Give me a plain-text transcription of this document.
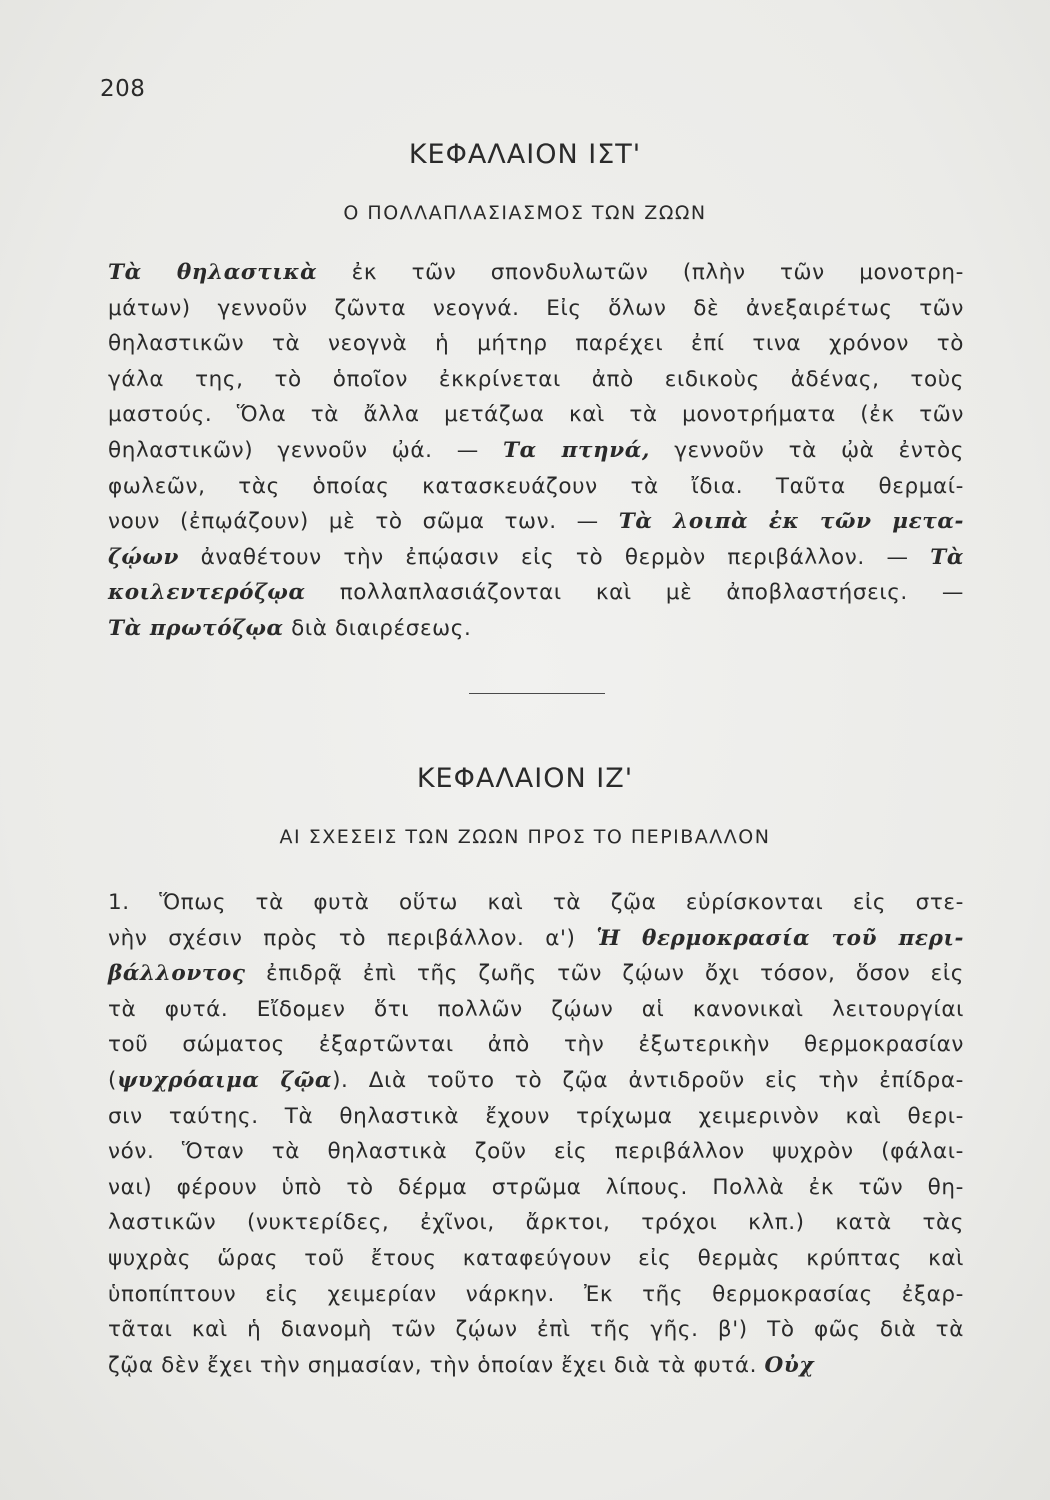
208
ΚΕΦΑΛΑΙΟΝ ΙΣΤ'
Ο ΠΟΛΛΑΠΛΑΣΙΑΣΜΟΣ ΤΩΝ ΖΩΩΝ
Τὰ θηλαστικὰ ἐκ τῶν σπονδυλωτῶν (πλὴν τῶν μονοτρη-
μάτων) γεννοῦν ζῶντα νεογνά. Εἰς ὅλων δὲ ἀνεξαιρέτως τῶν
θηλαστικῶν τὰ νεογνὰ ἡ μήτηρ παρέχει ἐπί τινα χρόνον τὸ
γάλα της, τὸ ὁποῖον ἐκκρίνεται ἀπὸ ειδικοὺς ἀδένας, τοὺς
μαστούς. Ὅλα τὰ ἄλλα μετάζωα καὶ τὰ μονοτρήματα (ἐκ τῶν
θηλαστικῶν) γεννοῦν ᾠά. — Τα πτηνά, γεννοῦν τὰ ᾠὰ ἐντὸς
φωλεῶν, τὰς ὁποίας κατασκευάζουν τὰ ἴδια. Ταῦτα θερμαί-
νουν (ἐπῳάζουν) μὲ τὸ σῶμα των. — Τὰ λοιπὰ ἐκ τῶν μετα-
ζῴων ἀναθέτουν τὴν ἐπῴασιν εἰς τὸ θερμὸν περιβάλλον. — Τὰ
κοιλεντερόζῳα πολλαπλασιάζονται καὶ μὲ ἀποβλαστήσεις. —
Τὰ πρωτόζῳα διὰ διαιρέσεως.
ΚΕΦΑΛΑΙΟΝ ΙΖ'
ΑΙ ΣΧΕΣΕΙΣ ΤΩΝ ΖΩΩΝ ΠΡΟΣ ΤΟ ΠΕΡΙΒΑΛΛΟΝ
1. Ὅπως τὰ φυτὰ οὕτω καὶ τὰ ζῷα εὑρίσκονται εἰς στε-
νὴν σχέσιν πρὸς τὸ περιβάλλον. α') Ἡ θερμοκρασία τοῦ περι-
βάλλοντος ἐπιδρᾷ ἐπὶ τῆς ζωῆς τῶν ζῴων ὄχι τόσον, ὅσον εἰς
τὰ φυτά. Εἴδομεν ὅτι πολλῶν ζῴων αἱ κανονικαὶ λειτουργίαι
τοῦ σώματος ἐξαρτῶνται ἀπὸ τὴν ἐξωτερικὴν θερμοκρασίαν
(ψυχρόαιμα ζῷα). Διὰ τοῦτο τὸ ζῷα ἀντιδροῦν εἰς τὴν ἐπίδρα-
σιν ταύτης. Τὰ θηλαστικὰ ἔχουν τρίχωμα χειμερινὸν καὶ θερι-
νόν. Ὅταν τὰ θηλαστικὰ ζοῦν εἰς περιβάλλον ψυχρὸν (φάλαι-
ναι) φέρουν ὑπὸ τὸ δέρμα στρῶμα λίπους. Πολλὰ ἐκ τῶν θη-
λαστικῶν (νυκτερίδες, ἐχῖνοι, ἄρκτοι, τρόχοι κλπ.) κατὰ τὰς
ψυχρὰς ὥρας τοῦ ἔτους καταφεύγουν εἰς θερμὰς κρύπτας καὶ
ὑποπίπτουν εἰς χειμερίαν νάρκην. Ἐκ τῆς θερμοκρασίας ἐξαρ-
τᾶται καὶ ἡ διανομὴ τῶν ζῴων ἐπὶ τῆς γῆς. β') Τὸ φῶς διὰ τὰ
ζῷα δὲν ἔχει τὴν σημασίαν, τὴν ὁποίαν ἔχει διὰ τὰ φυτά. Οὐχ
